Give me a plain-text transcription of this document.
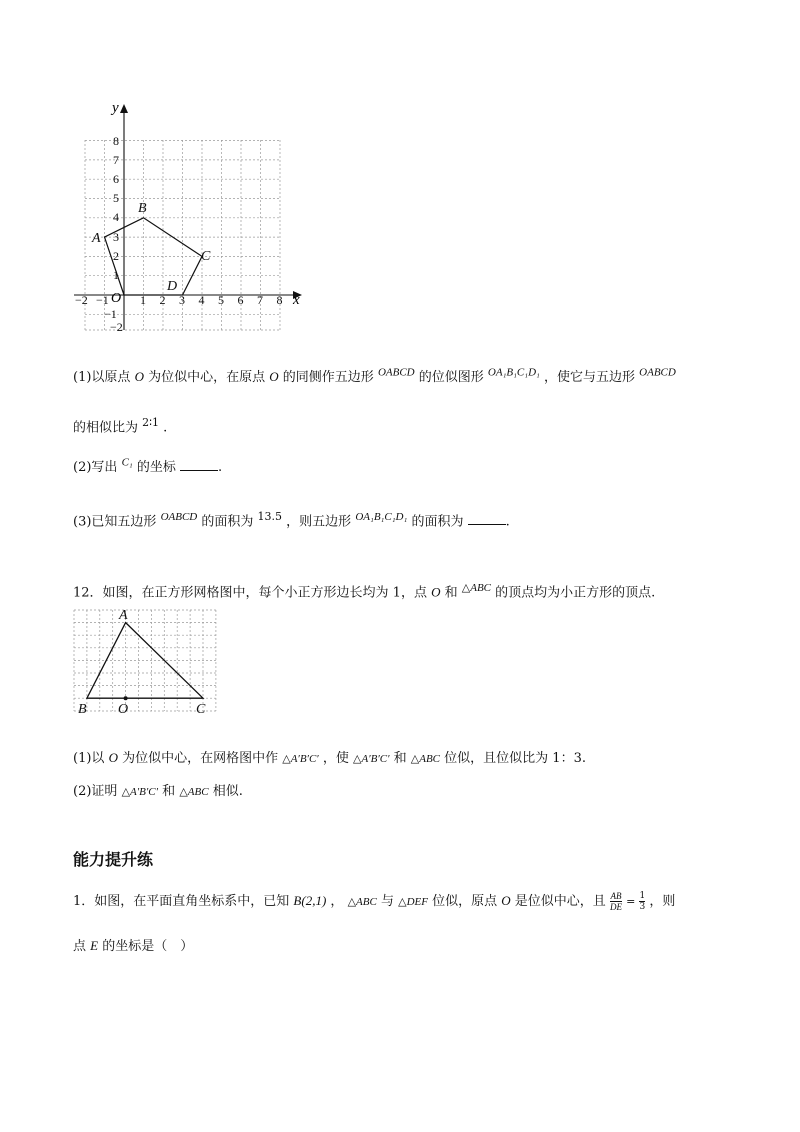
x
y
−2 −1	1 2 3 4 5 6 7 8
8
7
6
5
4
3
2
1
−1
−2
O
A
B
C
D
(1)以原点 O 为位似中心，在原点 O 的同侧作五边形 $^{OABCD}$ 的位似图形 $^{OA_1B_1C_1D_1}$ ，使它与五边形 $^{OABCD}$
的相似比为 $^{2∶1}$ .
(2)写出 $^{C_1}$ 的坐标	.
(3)已知五边形 $^{OABCD}$ 的面积为 $^{13.5}$ ，则五边形 $^{OA_1B_1C_1D_1}$ 的面积为	.
12．如图，在正方形网格图中，每个小正方形边长均为 1，点 O 和 $^{\triangle ABC}$ 的顶点均为小正方形的顶点.
A
B O	C
(1)以 O 为位似中心，在网格图中作 △A′B′C′ ，使 △A′B′C′ 和 △ABC 位似，且位似比为 1：3.
(2)证明 △A′B′C′ 和 △ABC 相似.
能力提升练
1．如图，在平面直角坐标系中，已知 B(2,1) ， △ABC 与 △DEF 位似，原点 O 是位似中心，且 $\frac{AB}{DE} = \frac{1}{3}$ ，则
点 E 的坐标是（　）
